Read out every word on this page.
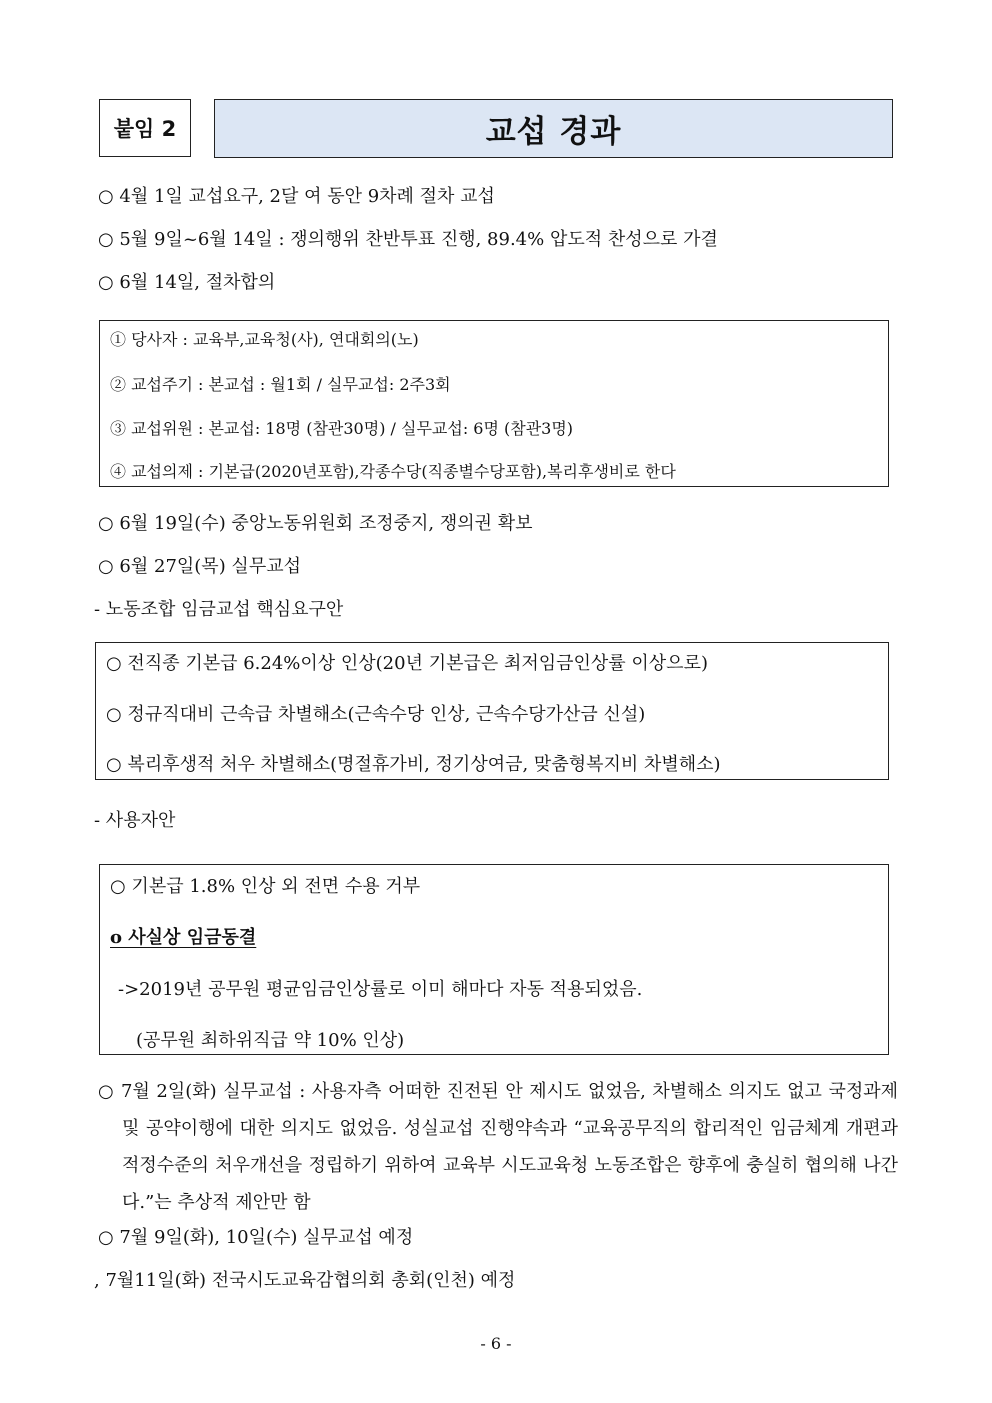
붙임 2	교섭 경과
○ 4월 1일 교섭요구, 2달 여 동안 9차례 절차 교섭
○ 5월 9일~6월 14일 : 쟁의행위 찬반투표 진행, 89.4% 압도적 찬성으로 가결
○ 6월 14일, 절차합의
① 당사자 : 교육부,교육청(사), 연대회의(노)
② 교섭주기 : 본교섭 : 월1회 / 실무교섭: 2주3회
③ 교섭위원 : 본교섭: 18명 (참관30명) / 실무교섭: 6명 (참관3명)
④ 교섭의제 : 기본급(2020년포함),각종수당(직종별수당포함),복리후생비로 한다
○ 6월 19일(수) 중앙노동위원회 조정중지, 쟁의권 확보
○ 6월 27일(목) 실무교섭
- 노동조합 임금교섭 핵심요구안
○ 전직종 기본급 6.24%이상 인상(20년 기본급은 최저임금인상률 이상으로)
○ 정규직대비 근속급 차별해소(근속수당 인상, 근속수당가산금 신설)
○ 복리후생적 처우 차별해소(명절휴가비, 정기상여금, 맞춤형복지비 차별해소)
- 사용자안
○ 기본급 1.8% 인상 외 전면 수용 거부
o 사실상 임금동결
->2019년 공무원 평균임금인상률로 이미 해마다 자동 적용되었음.
(공무원 최하위직급 약 10% 인상)
○ 7월 2일(화) 실무교섭 : 사용자측 어떠한 진전된 안 제시도 없었음, 차별해소 의지도 없고 국정과제 및 공약이행에 대한 의지도 없었음. 성실교섭 진행약속과 “교육공무직의 합리적인 임금체계 개편과 적정수준의 처우개선을 정립하기 위하여 교육부 시도교육청 노동조합은 향후에 충실히 협의해 나간다.”는 추상적 제안만 함
○ 7월 9일(화), 10일(수) 실무교섭 예정
, 7월11일(화) 전국시도교육감협의회 총회(인천) 예정
- 6 -
